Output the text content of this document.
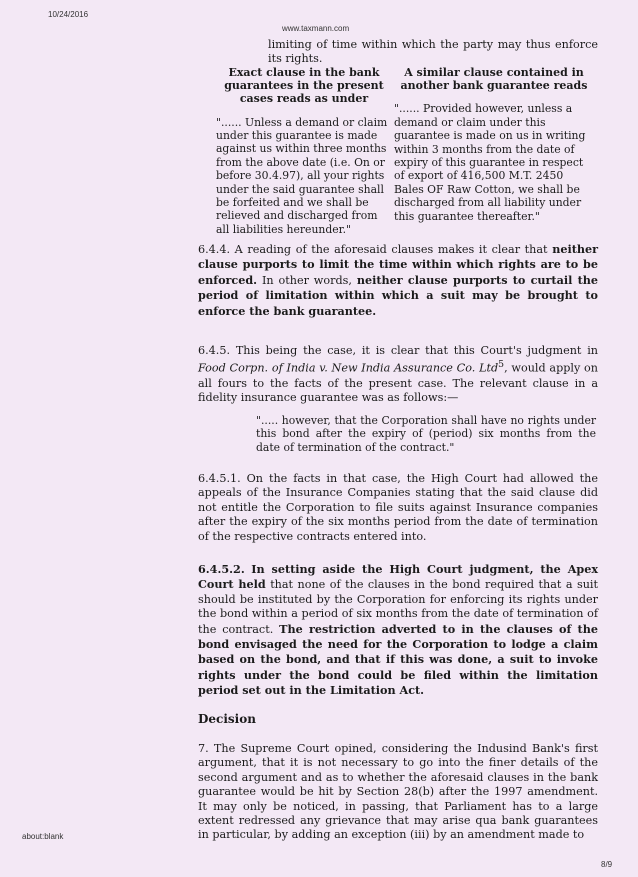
10/24/2016
www.taxmann.com
limiting of time within which the party may thus enforce its rights.
Exact clause in the bank guarantees in the present cases reads as under
"...... Unless a demand or claim under this guarantee is made against us within three months from the above date (i.e. On or before 30.4.97), all your rights under the said guarantee shall be forfeited and we shall be relieved and discharged from all liabilities hereunder."
A similar clause contained in another bank guarantee reads
"...... Provided however, unless a demand or claim under this guarantee is made on us in writing within 3 months from the date of expiry of this guarantee in respect of export of 416,500 M.T. 2450 Bales OF Raw Cotton, we shall be discharged from all liability under this guarantee thereafter."
6.4.4. A reading of the aforesaid clauses makes it clear that neither clause purports to limit the time within which rights are to be enforced. In other words, neither clause purports to curtail the period of limitation within which a suit may be brought to enforce the bank guarantee.
6.4.5. This being the case, it is clear that this Court's judgment in Food Corpn. of India v. New India Assurance Co. Ltd$^5$, would apply on all fours to the facts of the present case. The relevant clause in a fidelity insurance guarantee was as follows:—
"..... however, that the Corporation shall have no rights under this bond after the expiry of (period) six months from the date of termination of the contract."
6.4.5.1. On the facts in that case, the High Court had allowed the appeals of the Insurance Companies stating that the said clause did not entitle the Corporation to file suits against Insurance companies after the expiry of the six months period from the date of termination of the respective contracts entered into.
6.4.5.2. In setting aside the High Court judgment, the Apex Court held that none of the clauses in the bond required that a suit should be instituted by the Corporation for enforcing its rights under the bond within a period of six months from the date of termination of the contract. The restriction adverted to in the clauses of the bond envisaged the need for the Corporation to lodge a claim based on the bond, and that if this was done, a suit to invoke rights under the bond could be filed within the limitation period set out in the Limitation Act.
Decision
7. The Supreme Court opined, considering the Indusind Bank's first argument, that it is not necessary to go into the finer details of the second argument and as to whether the aforesaid clauses in the bank guarantee would be hit by Section 28(b) after the 1997 amendment. It may only be noticed, in passing, that Parliament has to a large extent redressed any grievance that may arise qua bank guarantees in particular, by adding an exception (iii) by an amendment made to
about:blank
8/9
